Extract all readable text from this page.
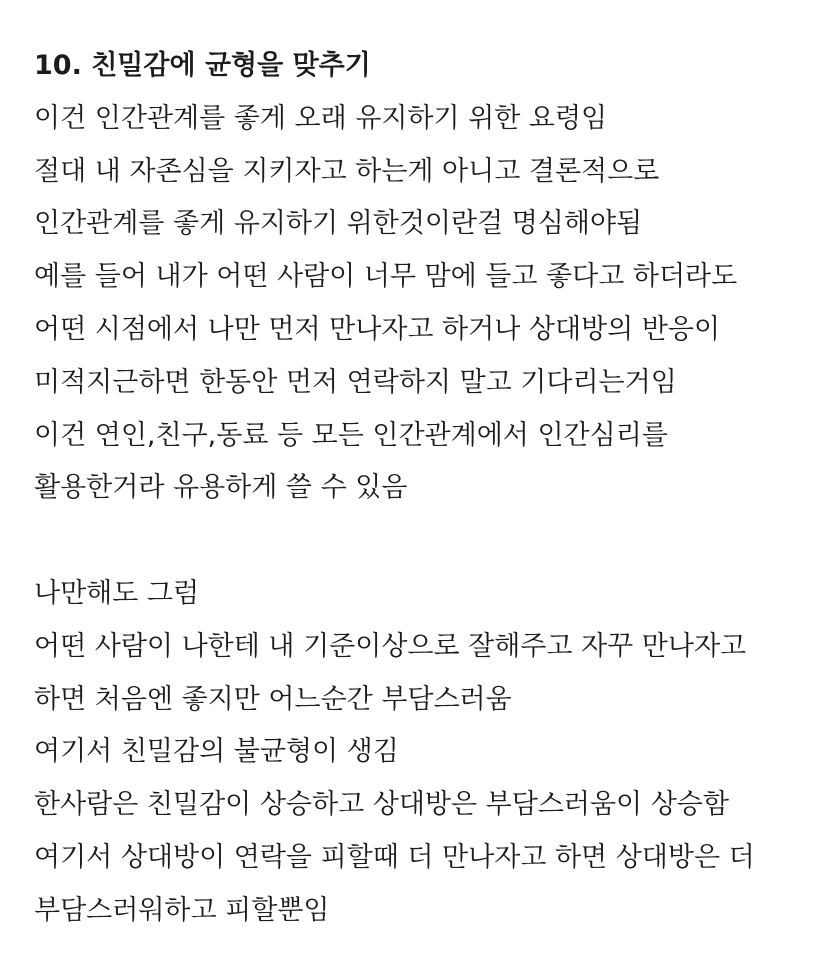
10. 친밀감에 균형을 맞추기

이건 인간관계를 좋게 오래 유지하기 위한 요령임

절대 내 자존심을 지키자고 하는게 아니고 결론적으로

인간관계를 좋게 유지하기 위한것이란걸 명심해야됨

예를 들어 내가 어떤 사람이 너무 맘에 들고 좋다고 하더라도

어떤 시점에서 나만 먼저 만나자고 하거나 상대방의 반응이

미적지근하면 한동안 먼저 연락하지 말고 기다리는거임

이건 연인,친구,동료 등 모든 인간관계에서 인간심리를

활용한거라 유용하게 쓸 수 있음

나만해도 그럼

어떤 사람이 나한테 내 기준이상으로 잘해주고 자꾸 만나자고

하면 처음엔 좋지만 어느순간 부담스러움

여기서 친밀감의 불균형이 생김

한사람은 친밀감이 상승하고 상대방은 부담스러움이 상승함

여기서 상대방이 연락을 피할때 더 만나자고 하면 상대방은 더

부담스러워하고 피할뿐임
